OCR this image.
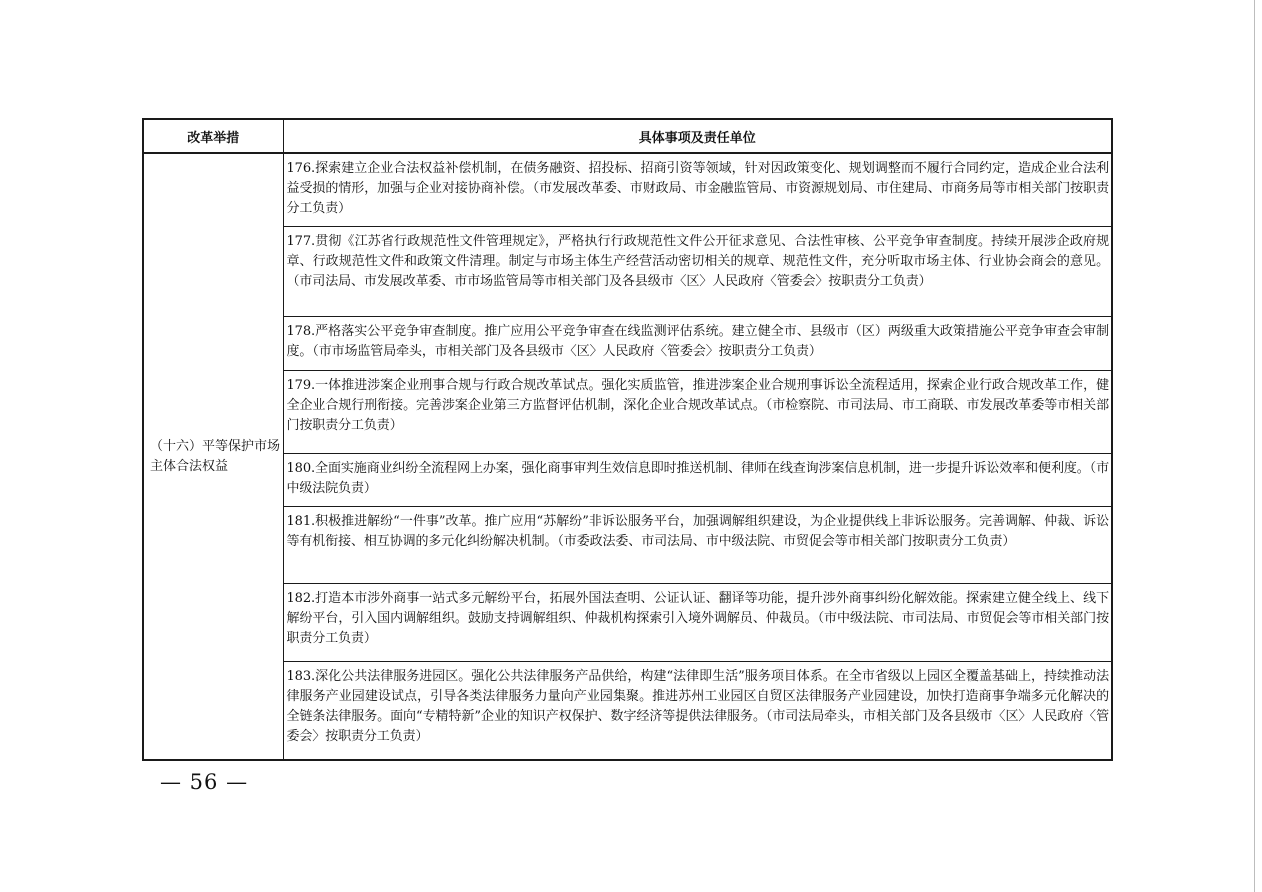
改革举措	具体事项及责任单位
（十六）平等保护市场主体合法权益	176.探索建立企业合法权益补偿机制，在债务融资、招投标、招商引资等领域，针对因政策变化、规划调整而不履行合同约定，造成企业合法利益受损的情形，加强与企业对接协商补偿。（市发展改革委、市财政局、市金融监管局、市资源规划局、市住建局、市商务局等市相关部门按职责分工负责）
	177.贯彻《江苏省行政规范性文件管理规定》，严格执行行政规范性文件公开征求意见、合法性审核、公平竞争审查制度。持续开展涉企政府规章、行政规范性文件和政策文件清理。制定与市场主体生产经营活动密切相关的规章、规范性文件，充分听取市场主体、行业协会商会的意见。（市司法局、市发展改革委、市市场监管局等市相关部门及各县级市〈区〉人民政府〈管委会〉按职责分工负责）
	178.严格落实公平竞争审查制度。推广应用公平竞争审查在线监测评估系统。建立健全市、县级市（区）两级重大政策措施公平竞争审查会审制度。（市市场监管局牵头，市相关部门及各县级市〈区〉人民政府〈管委会〉按职责分工负责）
	179.一体推进涉案企业刑事合规与行政合规改革试点。强化实质监管，推进涉案企业合规刑事诉讼全流程适用，探索企业行政合规改革工作，健全企业合规行刑衔接。完善涉案企业第三方监督评估机制，深化企业合规改革试点。（市检察院、市司法局、市工商联、市发展改革委等市相关部门按职责分工负责）
	180.全面实施商业纠纷全流程网上办案，强化商事审判生效信息即时推送机制、律师在线查询涉案信息机制，进一步提升诉讼效率和便利度。（市中级法院负责）
	181.积极推进解纷“一件事”改革。推广应用“苏解纷”非诉讼服务平台，加强调解组织建设，为企业提供线上非诉讼服务。完善调解、仲裁、诉讼等有机衔接、相互协调的多元化纠纷解决机制。（市委政法委、市司法局、市中级法院、市贸促会等市相关部门按职责分工负责）
	182.打造本市涉外商事一站式多元解纷平台，拓展外国法查明、公证认证、翻译等功能，提升涉外商事纠纷化解效能。探索建立健全线上、线下解纷平台，引入国内调解组织。鼓励支持调解组织、仲裁机构探索引入境外调解员、仲裁员。（市中级法院、市司法局、市贸促会等市相关部门按职责分工负责）
	183.深化公共法律服务进园区。强化公共法律服务产品供给，构建“法律即生活”服务项目体系。在全市省级以上园区全覆盖基础上，持续推动法律服务产业园建设试点，引导各类法律服务力量向产业园集聚。推进苏州工业园区自贸区法律服务产业园建设，加快打造商事争端多元化解决的全链条法律服务。面向“专精特新”企业的知识产权保护、数字经济等提供法律服务。（市司法局牵头，市相关部门及各县级市〈区〉人民政府〈管委会〉按职责分工负责）
— 56 —
